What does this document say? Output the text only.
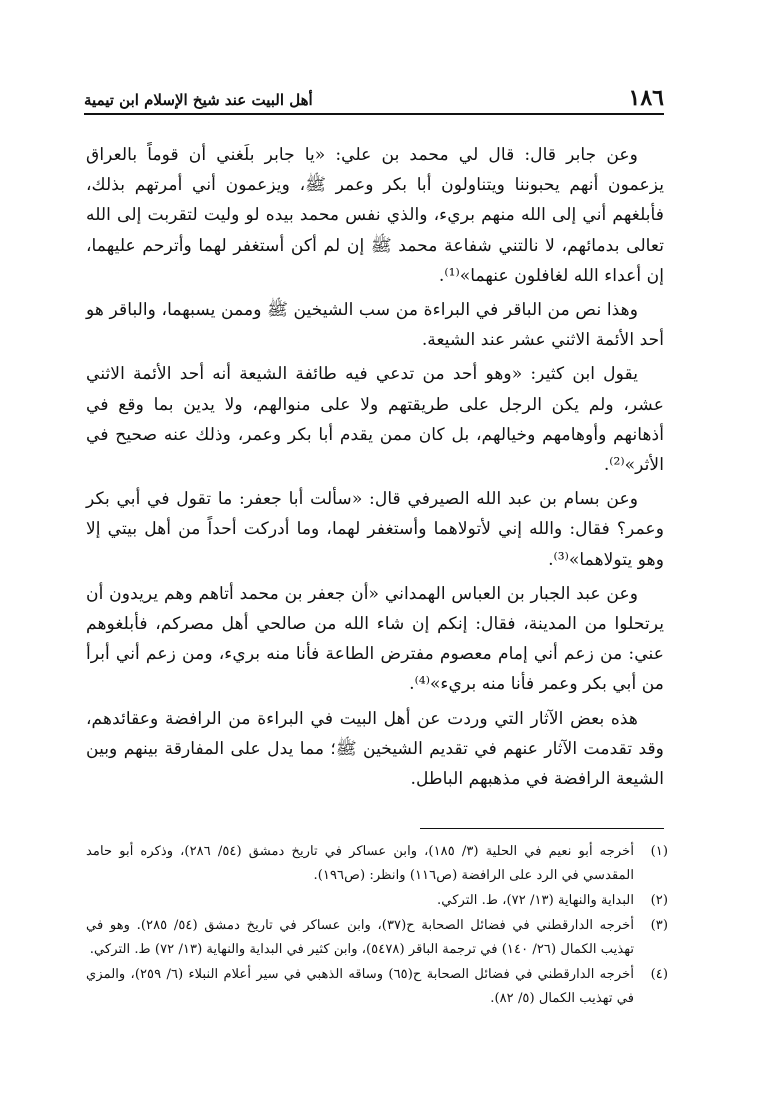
١٨٦
أهل البيت عند شيخ الإسلام ابن تيمية

وعن جابر قال: قال لي محمد بن علي: «يا جابر بلَغني أن قوماً بالعراق يزعمون أنهم يحبوننا ويتناولون أبا بكر وعمر ﷺ، ويزعمون أني أمرتهم بذلك، فأبلغهم أني إلى الله منهم بريء، والذي نفس محمد بيده لو وليت لتقربت إلى الله تعالى بدمائهم، لا نالتني شفاعة محمد ﷺ إن لم أكن أستغفر لهما وأترحم عليهما، إن أعداء الله لغافلون عنهما»⁽¹⁾.

وهذا نص من الباقر في البراءة من سب الشيخين ﷺ وممن يسبهما، والباقر هو أحد الأئمة الاثني عشر عند الشيعة.

يقول ابن كثير: «وهو أحد من تدعي فيه طائفة الشيعة أنه أحد الأئمة الاثني عشر، ولم يكن الرجل على طريقتهم ولا على منوالهم، ولا يدين بما وقع في أذهانهم وأوهامهم وخيالهم، بل كان ممن يقدم أبا بكر وعمر، وذلك عنه صحيح في الأثر»⁽²⁾.

وعن بسام بن عبد الله الصيرفي قال: «سألت أبا جعفر: ما تقول في أبي بكر وعمر؟ فقال: والله إني لأتولاهما وأستغفر لهما، وما أدركت أحداً من أهل بيتي إلا وهو يتولاهما»⁽³⁾.

وعن عبد الجبار بن العباس الهمداني «أن جعفر بن محمد أتاهم وهم يريدون أن يرتحلوا من المدينة، فقال: إنكم إن شاء الله من صالحي أهل مصركم، فأبلغوهم عني: من زعم أني إمام معصوم مفترض الطاعة فأنا منه بريء، ومن زعم أني أبرأ من أبي بكر وعمر فأنا منه بريء»⁽⁴⁾.

هذه بعض الآثار التي وردت عن أهل البيت في البراءة من الرافضة وعقائدهم، وقد تقدمت الآثار عنهم في تقديم الشيخين ﷺ؛ مما يدل على المفارقة بينهم وبين الشيعة الرافضة في مذهبهم الباطل.

(١)
أخرجه أبو نعيم في الحلية (٣/ ١٨٥)، وابن عساكر في تاريخ دمشق (٥٤/ ٢٨٦)، وذكره أبو حامد المقدسي في الرد على الرافضة (ص١١٦) وانظر: (ص١٩٦).
(٢)
البداية والنهاية (١٣/ ٧٢)، ط. التركي.
(٣)
أخرجه الدارقطني في فضائل الصحابة ح(٣٧)، وابن عساكر في تاريخ دمشق (٥٤/ ٢٨٥). وهو في تهذيب الكمال (٢٦/ ١٤٠) في ترجمة الباقر (٥٤٧٨)، وابن كثير في البداية والنهاية (١٣/ ٧٢) ط. التركي.
(٤)
أخرجه الدارقطني في فضائل الصحابة ح(٦٥) وساقه الذهبي في سير أعلام النبلاء (٦/ ٢٥٩)، والمزي في تهذيب الكمال (٥/ ٨٢).
